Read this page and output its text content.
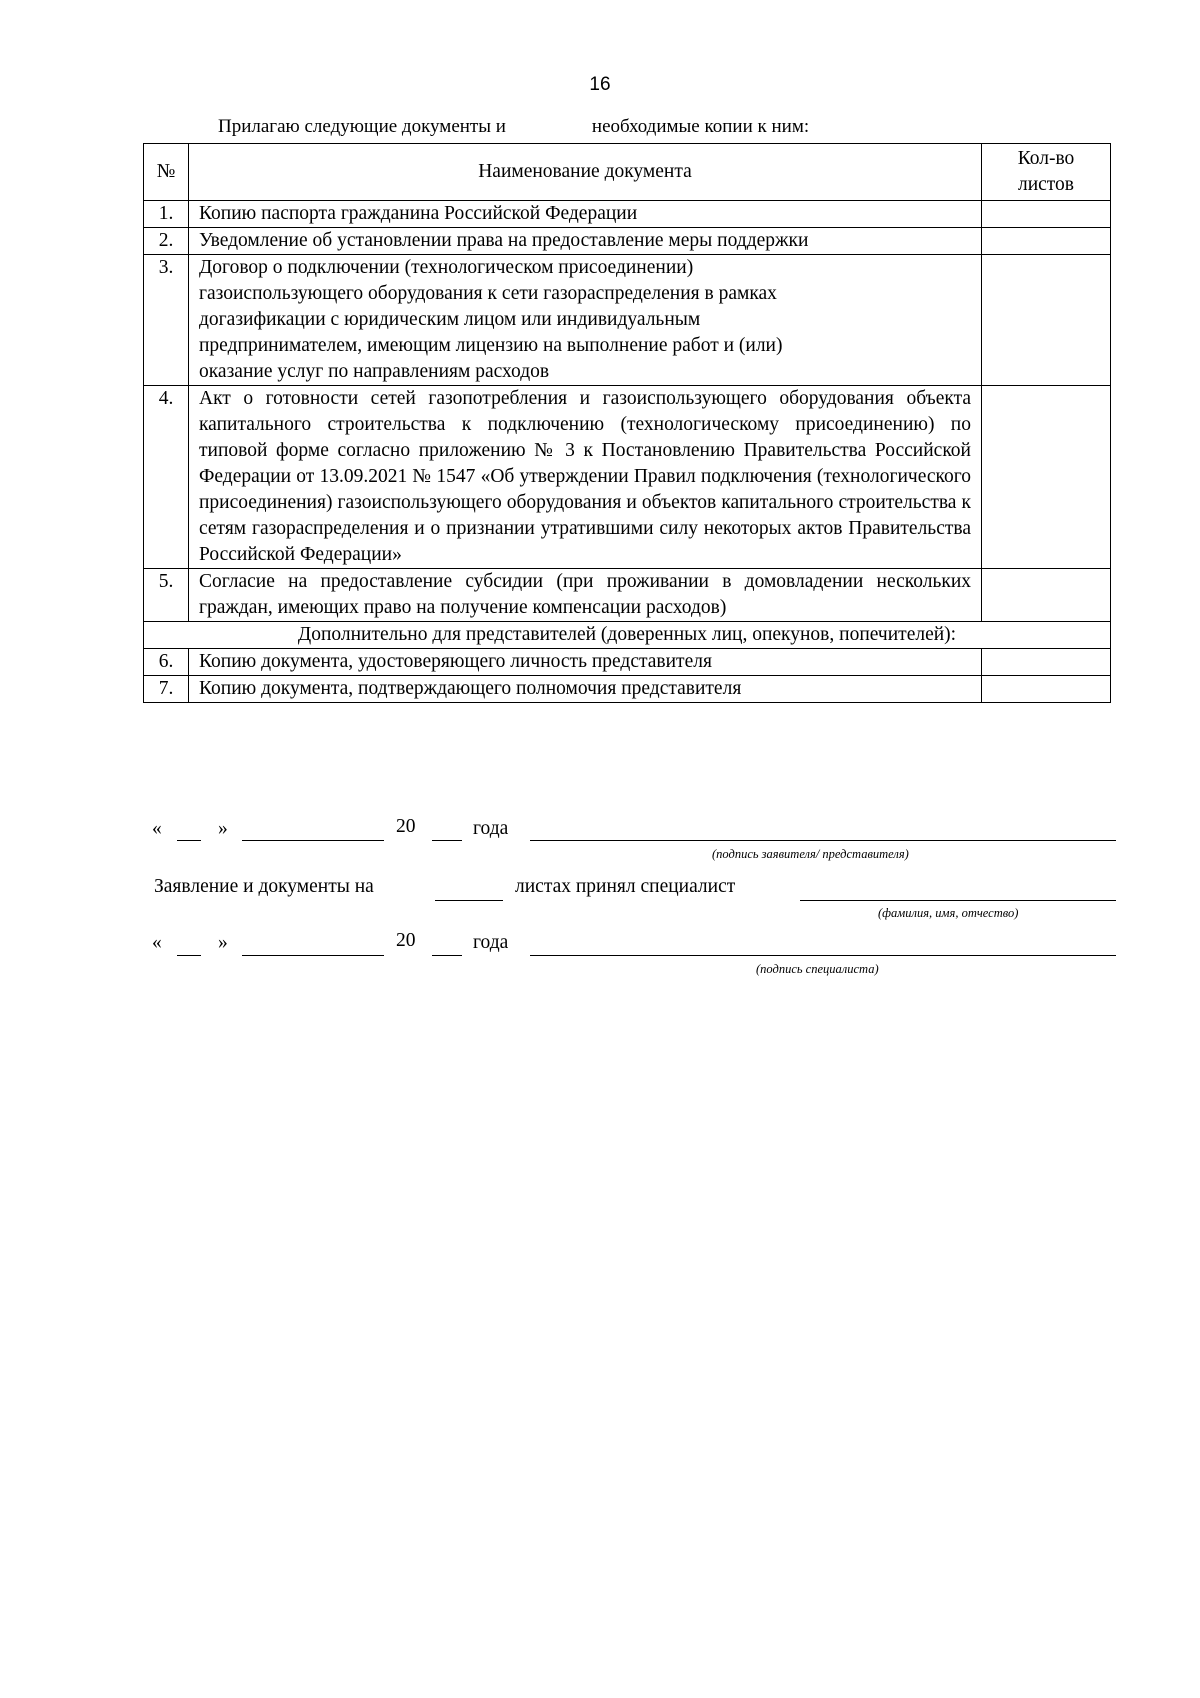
16
Прилагаю следующие документы и	необходимые копии к ним:
№	Наименование документа	Кол-во
листов

1.	Копию паспорта гражданина Российской Федерации	
2.	Уведомление об установлении права на предоставление меры поддержки	
3.	Договор о подключении (технологическом присоединении) газоиспользующего оборудования к сети газораспределения в рамках догазификации с юридическим лицом или индивидуальным предпринимателем, имеющим лицензию на выполнение работ и (или) оказание услуг по направлениям расходов	
4.	Акт о готовности сетей газопотребления и газоиспользующего оборудования объекта капитального строительства к подключению (технологическому присоединению) по типовой форме согласно приложению № 3 к Постановлению Правительства Российской Федерации от 13.09.2021 № 1547 «Об утверждении Правил подключения (технологического присоединения) газоиспользующего оборудования и объектов капитального строительства к сетям газораспределения и о признании утратившими силу некоторых актов Правительства Российской Федерации»	
5.	Согласие на предоставление субсидии (при проживании в домовладении нескольких граждан, имеющих право на получение компенсации расходов)	
Дополнительно для представителей (доверенных лиц, опекунов, попечителей):		
6.	Копию документа, удостоверяющего личность представителя	
7.	Копию документа, подтверждающего полномочия представителя	
«	»	20	года
(подпись заявителя/ представителя)
Заявление и документы на	листах принял специалист
(фамилия, имя, отчество)
«	»	20	года
(подпись специалиста)
